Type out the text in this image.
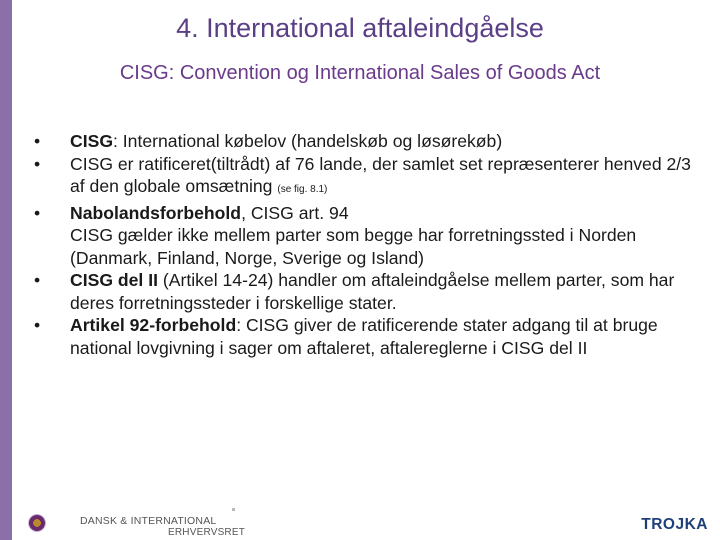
4. International aftaleindgåelse
CISG: Convention og International Sales of Goods Act
• CISG: International købelov (handelskøb og løsørekøb)
• CISG er ratificeret(tiltrådt) af 76 lande, der samlet set repræsenterer henved 2/3 af den globale omsætning (se fig. 8.1)
• Nabolandsforbehold, CISG art. 94
CISG gælder ikke mellem parter som begge har forretningssted i Norden (Danmark, Finland, Norge, Sverige og Island)
• CISG del II (Artikel 14-24) handler om aftaleindgåelse mellem parter, som har deres forretningssteder i forskellige stater.
• Artikel 92-forbehold: CISG giver de ratificerende stater adgang til at bruge national lovgivning i sager om aftaleret, aftalereglerne i CISG del II
DANSK & INTERNATIONAL
ERHVERVSRET	TROJKA
